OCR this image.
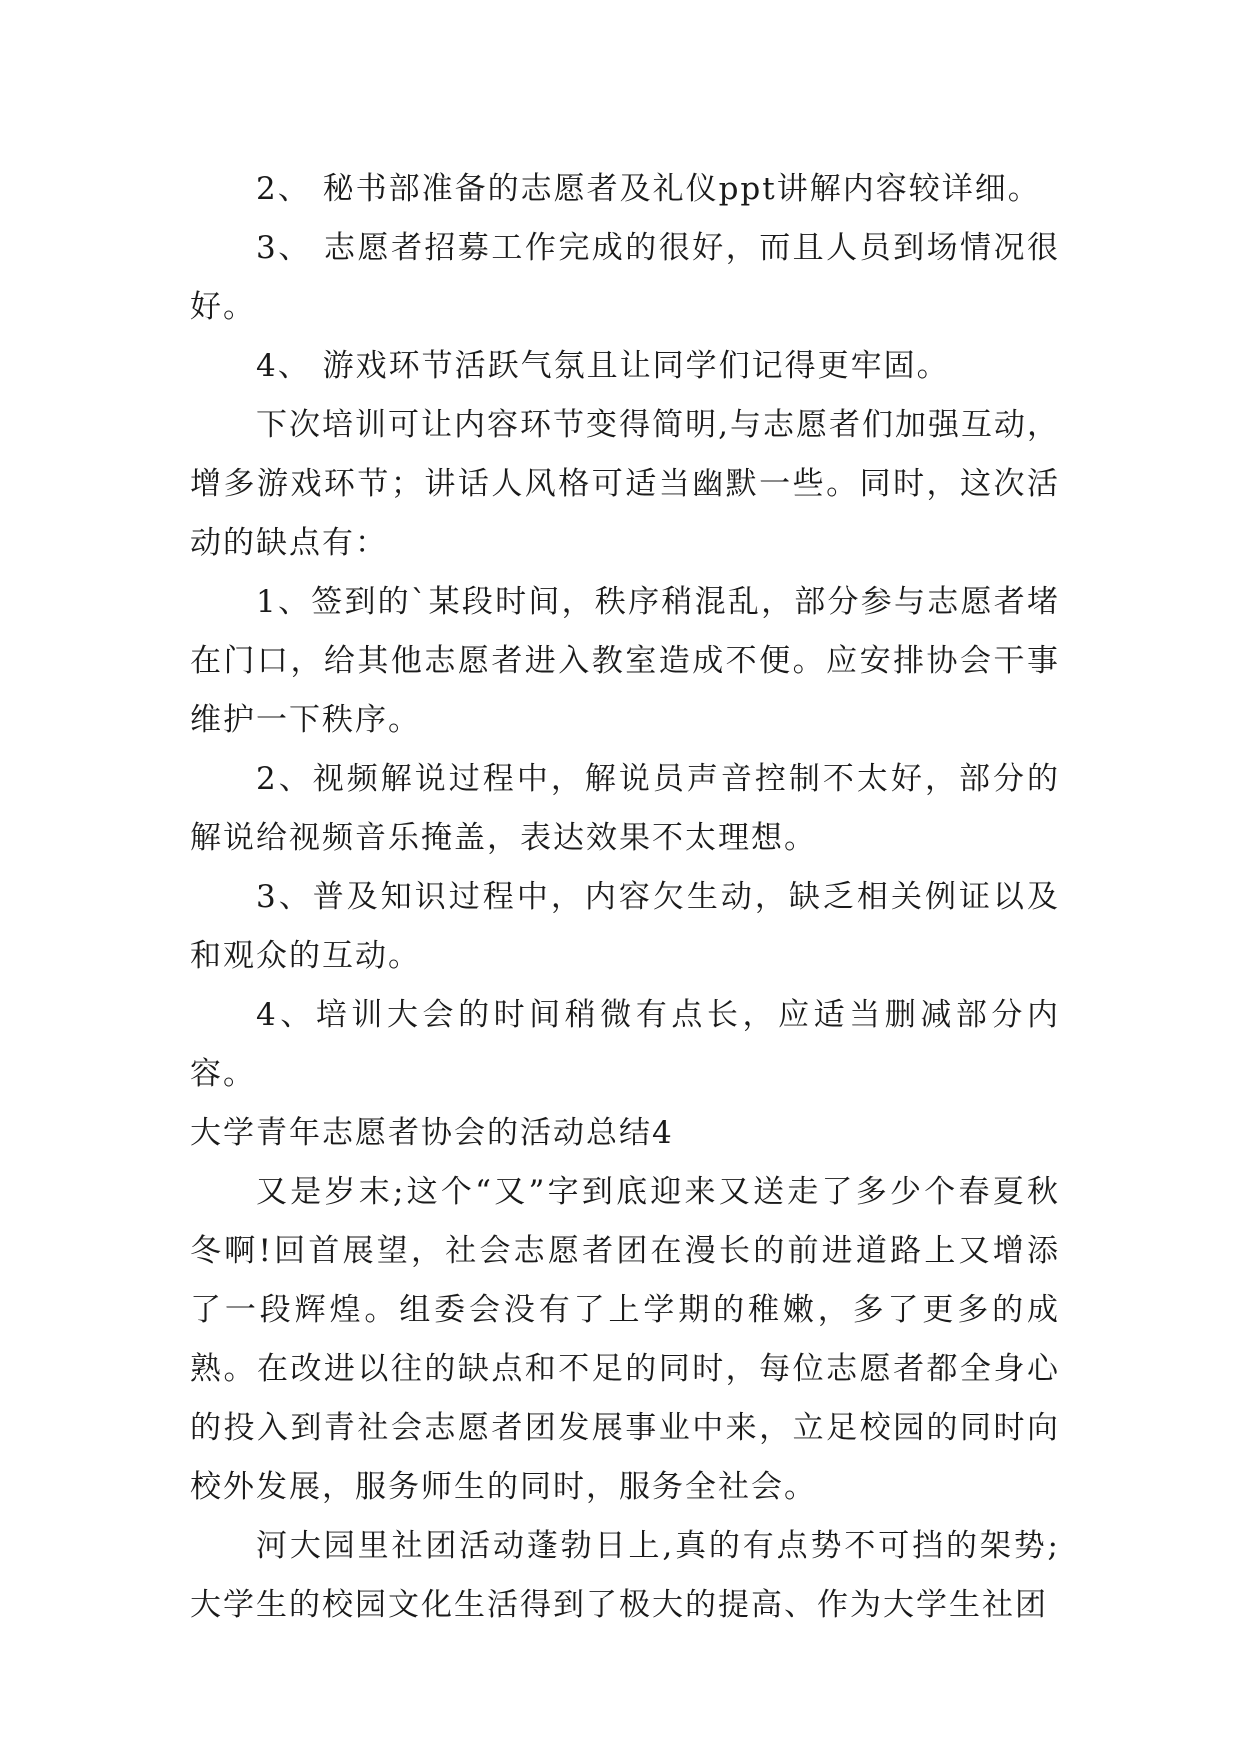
2、 秘书部准备的志愿者及礼仪ppt讲解内容较详细。

3、 志愿者招募工作完成的很好，而且人员到场情况很好。

4、 游戏环节活跃气氛且让同学们记得更牢固。

下次培训可让内容环节变得简明,与志愿者们加强互动，增多游戏环节；讲话人风格可适当幽默一些。同时，这次活动的缺点有：

1、签到的`某段时间，秩序稍混乱，部分参与志愿者堵在门口，给其他志愿者进入教室造成不便。应安排协会干事维护一下秩序。

2、视频解说过程中，解说员声音控制不太好，部分的解说给视频音乐掩盖，表达效果不太理想。

3、普及知识过程中，内容欠生动，缺乏相关例证以及和观众的互动。

4、培训大会的时间稍微有点长，应适当删减部分内容。

大学青年志愿者协会的活动总结4

又是岁末;这个“又”字到底迎来又送走了多少个春夏秋冬啊!回首展望，社会志愿者团在漫长的前进道路上又增添了一段辉煌。组委会没有了上学期的稚嫩，多了更多的成熟。在改进以往的缺点和不足的同时，每位志愿者都全身心的投入到青社会志愿者团发展事业中来，立足校园的同时向校外发展，服务师生的同时，服务全社会。

河大园里社团活动蓬勃日上,真的有点势不可挡的架势;大学生的校园文化生活得到了极大的提高、作为大学生社团
